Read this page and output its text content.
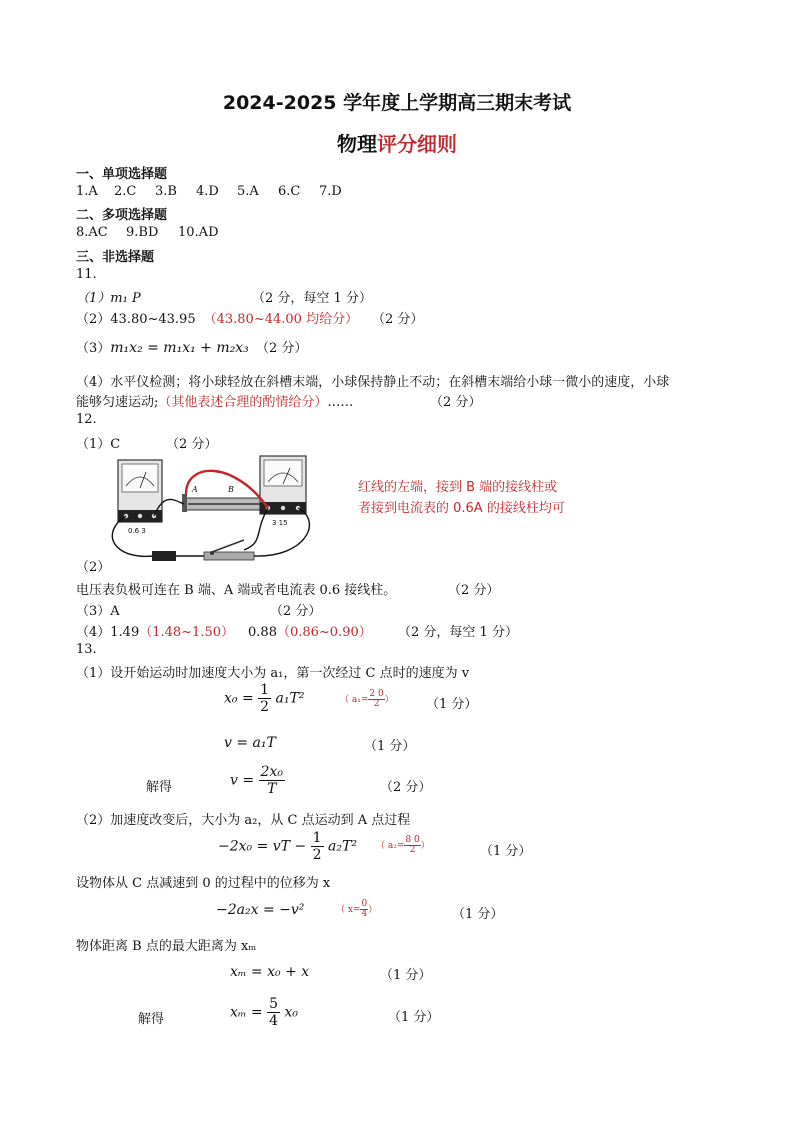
2024-2025 学年度上学期高三期末考试
物理评分细则
一、单项选择题
1.A 2.C 3.B 4.D 5.A 6.C 7.D
二、多项选择题
8.AC 9.BD 10.AD
三、非选择题
11.
（1）m₁ P	（2 分，每空 1 分）
（2）43.80~43.95 （43.80~44.00 均给分） （2 分）
（3）m₁x₂ = m₁x₁ + m₂x₃ （2 分）
（4）水平仪检测；将小球轻放在斜槽末端，小球保持静止不动；在斜槽末端给小球一微小的速度，小球
能够匀速运动;（其他表述合理的酌情给分）……	（2 分）
12.
（1）C	（2 分）
0.6 3
A	B
3 15
红线的左端，接到 B 端的接线柱或
者接到电流表的 0.6A 的接线柱均可
（2）
电压表负极可连在 B 端、A 端或者电流表 0.6 接线柱。	（2 分）
（3）A	（2 分）
（4）1.49（1.48~1.50） 0.88（0.86~0.90） （2 分，每空 1 分）
13.
（1）设开始运动时加速度大小为 a₁，第一次经过 C 点时的速度为 v
$x_0 = \frac{1}{2} a_1T^2$	（ $a_1= \frac{2 0}{2}$ ） （1 分）
v = a₁T	（1 分）
解得	$v = \frac{\text{2x₀}}{T}$	（2 分）
（2）加速度改变后，大小为 a₂，从 C 点运动到 A 点过程
−2x₀ = vT − $\frac{1}{2} a_2T^2$ （ $a_2= \frac{8 0}{2}$ ）	（1 分）
设物体从 C 点减速到 0 的过程中的位移为 x
−2a₂x = −v²	（ $x= \frac{0}{4}$ ）	（1 分）
物体距离 B 点的最大距离为 xₘ
xₘ = x₀ + x	（1 分）
解得	$x_m = \frac{5}{4} x_0$	（1 分）
